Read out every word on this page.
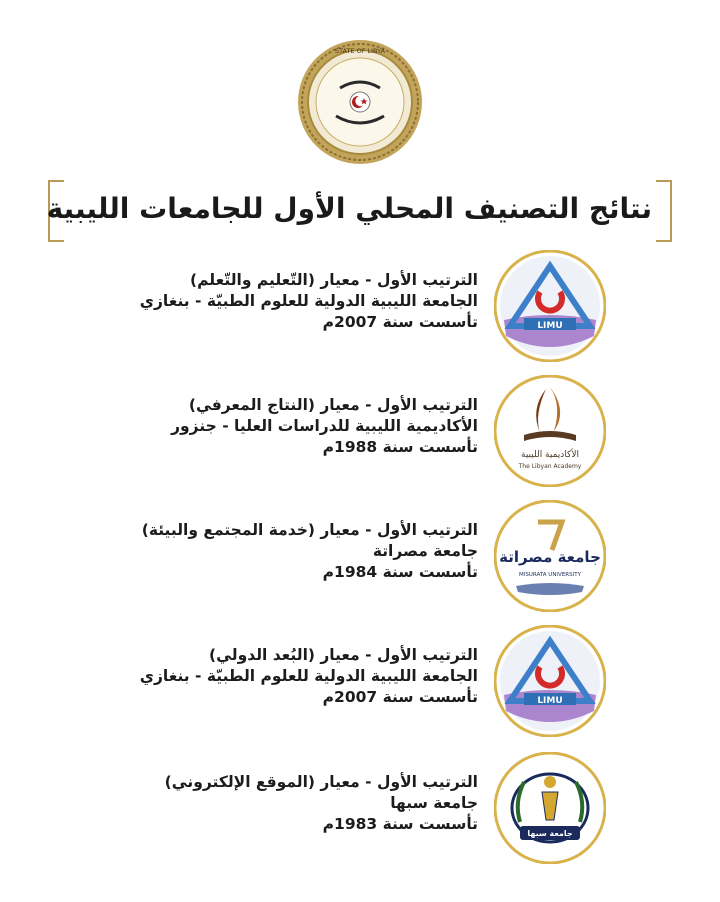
STATE OF LIBYA
نتائج التصنيف المحلي الأول للجامعات الليبية
الترتيب الأول - معيار (التّعليم والتّعلم)
الجامعة الليبية الدولية للعلوم الطبيّة - بنغازي
تأسست سنة 2007م	LIMU
الترتيب الأول - معيار (النتاج المعرفي)
الأكاديمية الليبية للدراسات العليا - جنزور
تأسست سنة 1988م	الأكاديمية الليبية
The Libyan Academy
الترتيب الأول - معيار (خدمة المجتمع والبيئة)
جامعة مصراتة
تأسست سنة 1984م
جامعة مصراتة
MISURATA UNIVERSITY
الترتيب الأول - معيار (البُعد الدولي)
الجامعة الليبية الدولية للعلوم الطبيّة - بنغازي
تأسست سنة 2007م	LIMU
الترتيب الأول - معيار (الموقع الإلكتروني)
جامعة سبها
تأسست سنة 1983م
جامعة سبها
